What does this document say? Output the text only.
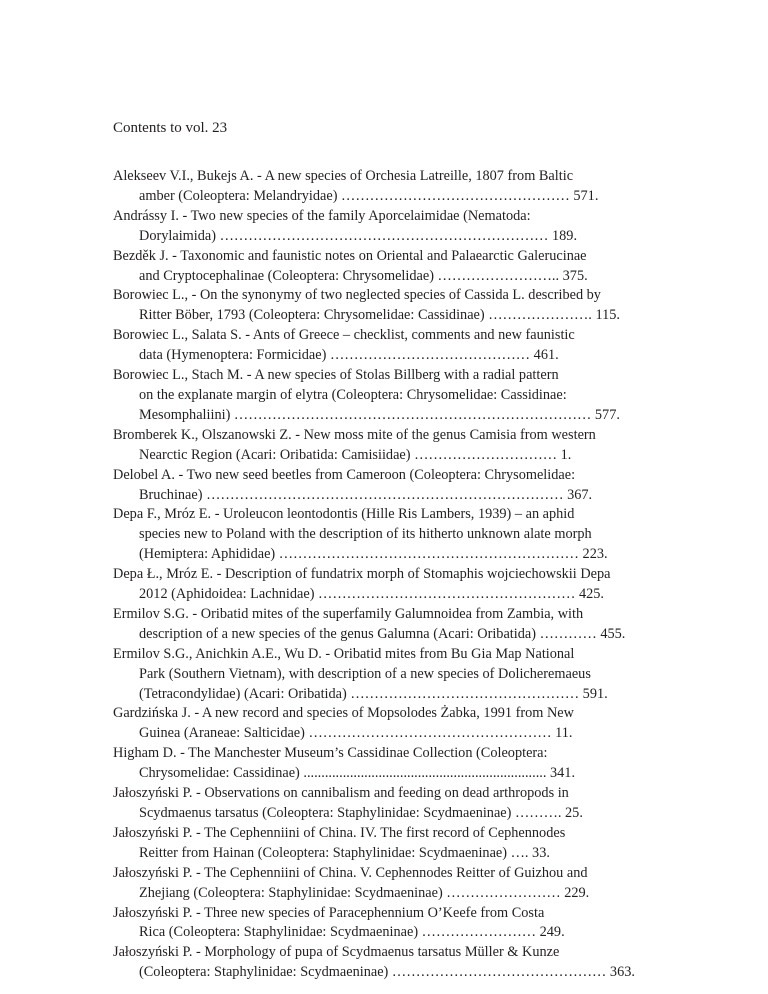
Contents to vol. 23
Alekseev V.I., Bukejs A. - A new species of Orchesia Latreille, 1807 from Baltic
amber (Coleoptera: Melandryidae) ………………………………………… 571.
Andrássy I. - Two new species of the family Aporcelaimidae (Nematoda:
Dorylaimida) …………………………………………………………… 189.
Bezděk J. - Taxonomic and faunistic notes on Oriental and Palaearctic Galerucinae
and Cryptocephalinae (Coleoptera: Chrysomelidae) …………………….. 375.
Borowiec L., - On the synonymy of two neglected species of Cassida L. described by
Ritter Böber, 1793 (Coleoptera: Chrysomelidae: Cassidinae) …………………. 115.
Borowiec L., Salata S. - Ants of Greece – checklist, comments and new faunistic
data (Hymenoptera: Formicidae) …………………………………… 461.
Borowiec L., Stach M. - A new species of Stolas Billberg with a radial pattern
on the explanate margin of elytra (Coleoptera: Chrysomelidae: Cassidinae:
Mesomphaliini) ………………………………………………………………… 577.
Bromberek K., Olszanowski Z. - New moss mite of the genus Camisia from western
Nearctic Region (Acari: Oribatida: Camisiidae) ………………………… 1.
Delobel A. - Two new seed beetles from Cameroon (Coleoptera: Chrysomelidae:
Bruchinae) ………………………………………………………………… 367.
Depa F., Mróz E. - Uroleucon leontodontis (Hille Ris Lambers, 1939) – an aphid
species new to Poland with the description of its hitherto unknown alate morph
(Hemiptera: Aphididae) ……………………………………………………… 223.
Depa Ł., Mróz E. - Description of fundatrix morph of Stomaphis wojciechowskii Depa
2012 (Aphidoidea: Lachnidae) ……………………………………………… 425.
Ermilov S.G. - Oribatid mites of the superfamily Galumnoidea from Zambia, with
description of a new species of the genus Galumna (Acari: Oribatida) ………… 455.
Ermilov S.G., Anichkin A.E., Wu D. - Oribatid mites from Bu Gia Map National
Park (Southern Vietnam), with description of a new species of Dolicheremaeus
(Tetracondylidae) (Acari: Oribatida) ………………………………………… 591.
Gardzińska J. - A new record and species of Mopsolodes Żabka, 1991 from New
Guinea (Araneae: Salticidae) …………………………………………… 11.
Higham D. - The Manchester Museum’s Cassidinae Collection (Coleoptera:
Chrysomelidae: Cassidinae) .................................................................... 341.
Jałoszyński P. - Observations on cannibalism and feeding on dead arthropods in
Scydmaenus tarsatus (Coleoptera: Staphylinidae: Scydmaeninae) ………. 25.
Jałoszyński P. - The Cephenniini of China. IV. The first record of Cephennodes
Reitter from Hainan (Coleoptera: Staphylinidae: Scydmaeninae) …. 33.
Jałoszyński P. - The Cephenniini of China. V. Cephennodes Reitter of Guizhou and
Zhejiang (Coleoptera: Staphylinidae: Scydmaeninae) …………………… 229.
Jałoszyński P. - Three new species of Paracephennium O’Keefe from Costa
Rica (Coleoptera: Staphylinidae: Scydmaeninae) …………………… 249.
Jałoszyński P. - Morphology of pupa of Scydmaenus tarsatus Müller & Kunze
(Coleoptera: Staphylinidae: Scydmaeninae) ……………………………………… 363.
